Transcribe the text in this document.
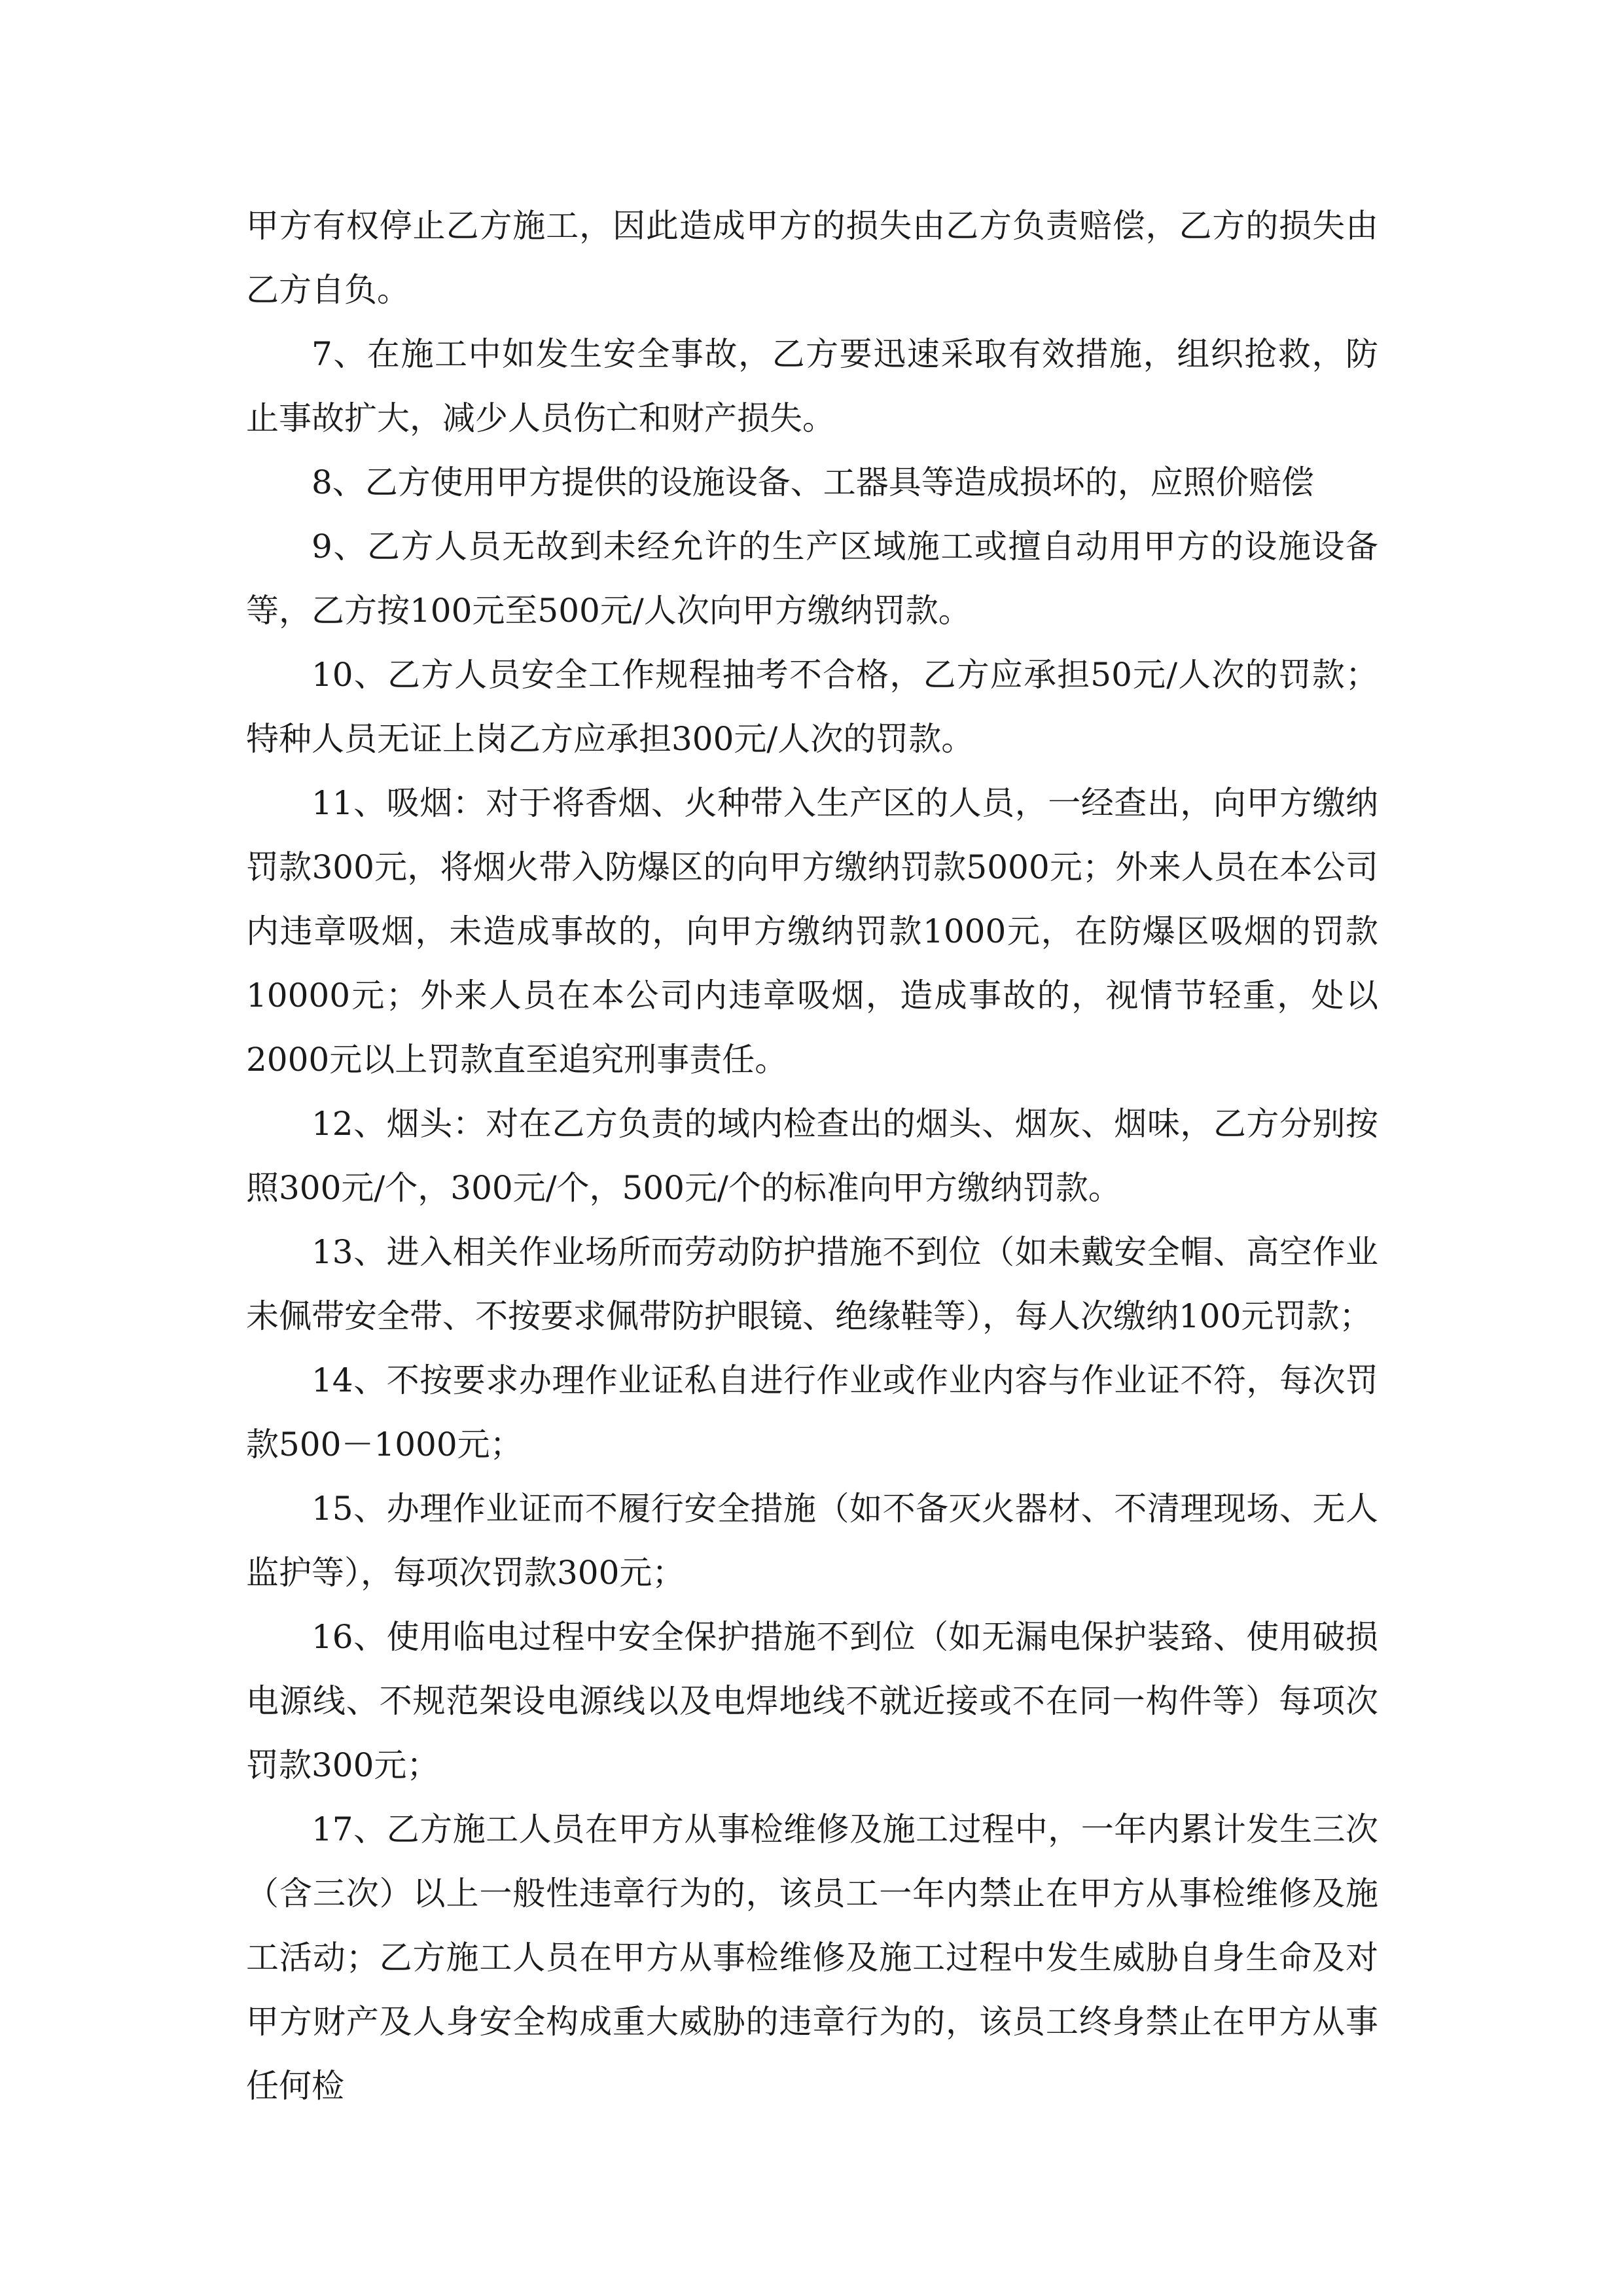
甲方有权停止乙方施工，因此造成甲方的损失由乙方负责赔偿，乙方的损失由乙方自负。

7、在施工中如发生安全事故，乙方要迅速采取有效措施，组织抢救，防止事故扩大，减少人员伤亡和财产损失。

8、乙方使用甲方提供的设施设备、工器具等造成损坏的，应照价赔偿

9、乙方人员无故到未经允许的生产区域施工或擅自动用甲方的设施设备等，乙方按100元至500元/人次向甲方缴纳罚款。

10、乙方人员安全工作规程抽考不合格，乙方应承担50元/人次的罚款；特种人员无证上岗乙方应承担300元/人次的罚款。

11、吸烟：对于将香烟、火种带入生产区的人员，一经查出，向甲方缴纳罚款300元，将烟火带入防爆区的向甲方缴纳罚款5000元；外来人员在本公司内违章吸烟，未造成事故的，向甲方缴纳罚款1000元，在防爆区吸烟的罚款10000元；外来人员在本公司内违章吸烟，造成事故的，视情节轻重，处以2000元以上罚款直至追究刑事责任。

12、烟头：对在乙方负责的域内检查出的烟头、烟灰、烟味，乙方分别按照300元/个，300元/个，500元/个的标准向甲方缴纳罚款。

13、进入相关作业场所而劳动防护措施不到位（如未戴安全帽、高空作业未佩带安全带、不按要求佩带防护眼镜、绝缘鞋等），每人次缴纳100元罚款；

14、不按要求办理作业证私自进行作业或作业内容与作业证不符，每次罚款500－1000元；

15、办理作业证而不履行安全措施（如不备灭火器材、不清理现场、无人监护等），每项次罚款300元；

16、使用临电过程中安全保护措施不到位（如无漏电保护装臵、使用破损电源线、不规范架设电源线以及电焊地线不就近接或不在同一构件等）每项次罚款300元；

17、乙方施工人员在甲方从事检维修及施工过程中，一年内累计发生三次（含三次）以上一般性违章行为的，该员工一年内禁止在甲方从事检维修及施工活动；乙方施工人员在甲方从事检维修及施工过程中发生威胁自身生命及对甲方财产及人身安全构成重大威胁的违章行为的，该员工终身禁止在甲方从事任何检
